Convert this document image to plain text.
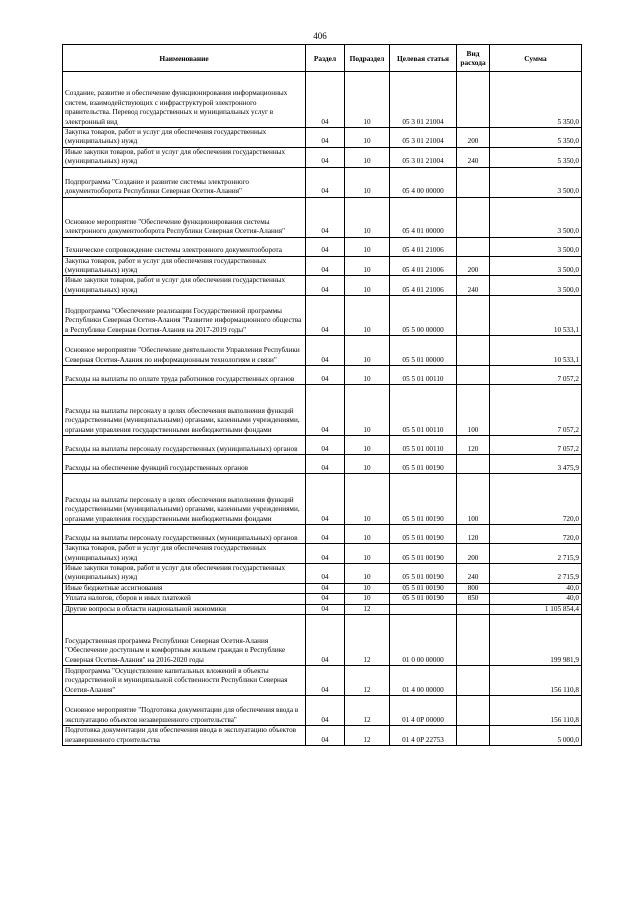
406
Наименование	Раздел	Подраздел	Целевая статья	Вид расхода	Сумма
Создание, развитие и обеспечение функционирования информационных систем, взаимодействующих с инфраструктурой электронного правительства. Перевод государственных и муниципальных услуг в электронный вид	04	10	05 3 01 21004		5 350,0
Закупка товаров, работ и услуг для обеспечения государственных (муниципальных) нужд	04	10	05 3 01 21004	200	5 350,0
Иные закупки товаров, работ и услуг для обеспечения государственных (муниципальных) нужд	04	10	05 3 01 21004	240	5 350,0
Подпрограмма "Создание и развитие системы электронного документооборота Республики Северная Осетия-Алания"	04	10	05 4 00 00000		3 500,0
Основное мероприятие "Обеспечение функционирования системы электронного документооборота Республики Северная Осетия-Алания"	04	10	05 4 01 00000		3 500,0
Техническое сопровождение системы электронного документооборота	04	10	05 4 01 21006		3 500,0
Закупка товаров, работ и услуг для обеспечения государственных (муниципальных) нужд	04	10	05 4 01 21006	200	3 500,0
Иные закупки товаров, работ и услуг для обеспечения государственных (муниципальных) нужд	04	10	05 4 01 21006	240	3 500,0
Подпрограмма "Обеспечение реализации Государственной программы Республики Северная Осетия-Алания "Развитие информационного общества в Республике Северная Осетия-Алания на 2017-2019 годы"	04	10	05 5 00 00000		10 533,1
Основное мероприятие "Обеспечение деятельности Управления Республики Северная Осетия-Алания по информационным технологиям и связи"	04	10	05 5 01 00000		10 533,1
Расходы на выплаты по оплате труда работников государственных органов	04	10	05 5 01 00110		7 057,2
Расходы на выплаты персоналу в целях обеспечения выполнения функций государственными (муниципальными) органами, казенными учреждениями, органами управления государственными внебюджетными фондами	04	10	05 5 01 00110	100	7 057,2
Расходы на выплаты персоналу государственных (муниципальных) органов	04	10	05 5 01 00110	120	7 057,2
Расходы на обеспечение функций государственных органов	04	10	05 5 01 00190		3 475,9
Расходы на выплаты персоналу в целях обеспечения выполнения функций государственными (муниципальными) органами, казенными учреждениями, органами управления государственными внебюджетными фондами	04	10	05 5 01 00190	100	720,0
Расходы на выплаты персоналу государственных (муниципальных) органов	04	10	05 5 01 00190	120	720,0
Закупка товаров, работ и услуг для обеспечения государственных (муниципальных) нужд	04	10	05 5 01 00190	200	2 715,9
Иные закупки товаров, работ и услуг для обеспечения государственных (муниципальных) нужд	04	10	05 5 01 00190	240	2 715,9
Иные бюджетные ассигнования	04	10	05 5 01 00190	800	40,0
Уплата налогов, сборов и иных платежей	04	10	05 5 01 00190	850	40,0
Другие вопросы в области национальной экономики	04	12			1 105 854,4
Государственная программа Республики Северная Осетия-Алания "Обеспечение доступным и комфортным жильем граждан в Республике Северная Осетия-Алания" на 2016-2020 годы	04	12	01 0 00 00000		199 981,9
Подпрограмма "Осуществление капитальных вложений в объекты государственной и муниципальной собственности Республики Северная Осетия-Алания"	04	12	01 4 00 00000		156 110,8
Основное мероприятие "Подготовка документации для обеспечения ввода в эксплуатацию объектов незавершенного строительства"	04	12	01 4 0Р 00000		156 110,8
Подготовка документации для обеспечения ввода в эксплуатацию объектов незавершенного строительства	04	12	01 4 0Р 22753		5 000,0
